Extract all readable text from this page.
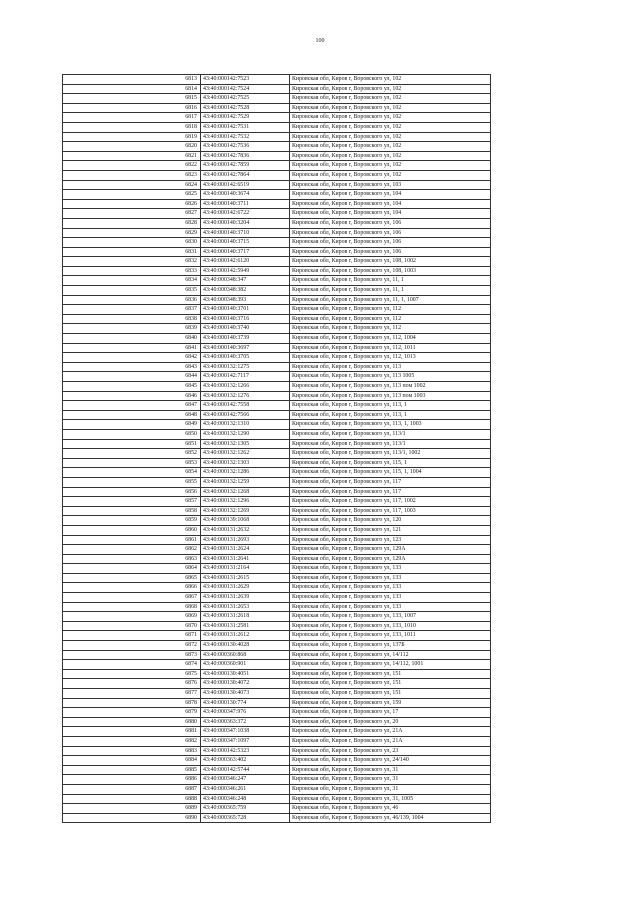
100
6813	43:40:000142:7523	Кировская обл, Киров г, Воровского ул, 102
6814	43:40:000142:7524	Кировская обл, Киров г, Воровского ул, 102
6815	43:40:000142:7525	Кировская обл, Киров г, Воровского ул, 102
6816	43:40:000142:7528	Кировская обл, Киров г, Воровского ул, 102
6817	43:40:000142:7529	Кировская обл, Киров г, Воровского ул, 102
6818	43:40:000142:7531	Кировская обл, Киров г, Воровского ул, 102
6819	43:40:000142:7532	Кировская обл, Киров г, Воровского ул, 102
6820	43:40:000142:7536	Кировская обл, Киров г, Воровского ул, 102
6821	43:40:000142:7836	Кировская обл, Киров г, Воровского ул, 102
6822	43:40:000142:7859	Кировская обл, Киров г, Воровского ул, 102
6823	43:40:000142:7864	Кировская обл, Киров г, Воровского ул, 102
6824	43:40:000142:6519	Кировская обл, Киров г, Воровского ул, 103
6825	43:40:000140:3674	Кировская обл, Киров г, Воровского ул, 104
6826	43:40:000140:3711	Кировская обл, Киров г, Воровского ул, 104
6827	43:40:000142:6722	Кировская обл, Киров г, Воровского ул, 104
6828	43:40:000140:3204	Кировская обл, Киров г, Воровского ул, 106
6829	43:40:000140:3710	Кировская обл, Киров г, Воровского ул, 106
6830	43:40:000140:3715	Кировская обл, Киров г, Воровского ул, 106
6831	43:40:000140:3717	Кировская обл, Киров г, Воровского ул, 106
6832	43:40:000142:6120	Кировская обл, Киров г, Воровского ул, 108, 1002
6833	43:40:000142:5949	Кировская обл, Киров г, Воровского ул, 108, 1003
6834	43:40:000348:347	Кировская обл, Киров г, Воровского ул, 11, 1
6835	43:40:000348:382	Кировская обл, Киров г, Воровского ул, 11, 1
6836	43:40:000348:393	Кировская обл, Киров г, Воровского ул, 11, 1, 1007
6837	43:40:000140:3701	Кировская обл, Киров г, Воровского ул, 112
6838	43:40:000140:3716	Кировская обл, Киров г, Воровского ул, 112
6839	43:40:000140:3740	Кировская обл, Киров г, Воровского ул, 112
6840	43:40:000140:3739	Кировская обл, Киров г, Воровского ул, 112, 1004
6841	43:40:000140:3697	Кировская обл, Киров г, Воровского ул, 112, 1011
6842	43:40:000140:3705	Кировская обл, Киров г, Воровского ул, 112, 1013
6843	43:40:000132:1275	Кировская обл, Киров г, Воровского ул, 113
6844	43:40:000142:7117	Кировская обл, Киров г, Воровского ул, 113 1005
6845	43:40:000132:1266	Кировская обл, Киров г, Воровского ул, 113 пом 1002
6846	43:40:000132:1276	Кировская обл, Киров г, Воровского ул, 113 пом 1003
6847	43:40:000142:7558	Кировская обл, Киров г, Воровского ул, 113, 1
6848	43:40:000142:7566	Кировская обл, Киров г, Воровского ул, 113, 1
6849	43:40:000132:1310	Кировская обл, Киров г, Воровского ул, 113, 1, 1003
6850	43:40:000132:1290	Кировская обл, Киров г, Воровского ул, 113/1
6851	43:40:000132:1305	Кировская обл, Киров г, Воровского ул, 113/1
6852	43:40:000132:1262	Кировская обл, Киров г, Воровского ул, 113/1, 1002
6853	43:40:000132:1303	Кировская обл, Киров г, Воровского ул, 115, 1
6854	43:40:000132:1286	Кировская обл, Киров г, Воровского ул, 115, 1, 1004
6855	43:40:000132:1259	Кировская обл, Киров г, Воровского ул, 117
6856	43:40:000132:1268	Кировская обл, Киров г, Воровского ул, 117
6857	43:40:000132:1296	Кировская обл, Киров г, Воровского ул, 117, 1002
6858	43:40:000132:1269	Кировская обл, Киров г, Воровского ул, 117, 1003
6859	43:40:000139:1068	Кировская обл, Киров г, Воровского ул, 120
6860	43:40:000131:2632	Кировская обл, Киров г, Воровского ул, 121
6861	43:40:000131:2693	Кировская обл, Киров г, Воровского ул, 123
6862	43:40:000131:2624	Кировская обл, Киров г, Воровского ул, 129А
6863	43:40:000131:2641	Кировская обл, Киров г, Воровского ул, 129А
6864	43:40:000131:2164	Кировская обл, Киров г, Воровского ул, 133
6865	43:40:000131:2615	Кировская обл, Киров г, Воровского ул, 133
6866	43:40:000131:2629	Кировская обл, Киров г, Воровского ул, 133
6867	43:40:000131:2639	Кировская обл, Киров г, Воровского ул, 133
6868	43:40:000131:2653	Кировская обл, Киров г, Воровского ул, 133
6869	43:40:000131:2618	Кировская обл, Киров г, Воровского ул, 133, 1007
6870	43:40:000131:2581	Кировская обл, Киров г, Воровского ул, 133, 1010
6871	43:40:000131:2612	Кировская обл, Киров г, Воровского ул, 133, 1011
6872	43:40:000130:4028	Кировская обл, Киров г, Воровского ул, 137Б
6873	43:40:000360:868	Кировская обл, Киров г, Воровского ул, 14/112
6874	43:40:000360:901	Кировская обл, Киров г, Воровского ул, 14/112, 1001
6875	43:40:000130:4051	Кировская обл, Киров г, Воровского ул, 151
6876	43:40:000130:4072	Кировская обл, Киров г, Воровского ул, 151
6877	43:40:000130:4073	Кировская обл, Киров г, Воровского ул, 151
6878	43:40:000130:774	Кировская обл, Киров г, Воровского ул, 159
6879	43:40:000347:976	Кировская обл, Киров г, Воровского ул, 17
6880	43:40:000363:372	Кировская обл, Киров г, Воровского ул, 20
6881	43:40:000347:1038	Кировская обл, Киров г, Воровского ул, 21А
6882	43:40:000347:1097	Кировская обл, Киров г, Воровского ул, 21А
6883	43:40:000142:5323	Кировская обл, Киров г, Воровского ул, 23
6884	43:40:000363:402	Кировская обл, Киров г, Воровского ул, 24/140
6885	43:40:000142:5744	Кировская обл, Киров г, Воровского ул, 31
6886	43:40:000346:247	Кировская обл, Киров г, Воровского ул, 31
6887	43:40:000346:261	Кировская обл, Киров г, Воровского ул, 31
6888	43:40:000346:248	Кировская обл, Киров г, Воровского ул, 31, 1005
6889	43:40:000365:759	Кировская обл, Киров г, Воровского ул, 46
6890	43:40:000365:728	Кировская обл, Киров г, Воровского ул, 46/139, 1004
